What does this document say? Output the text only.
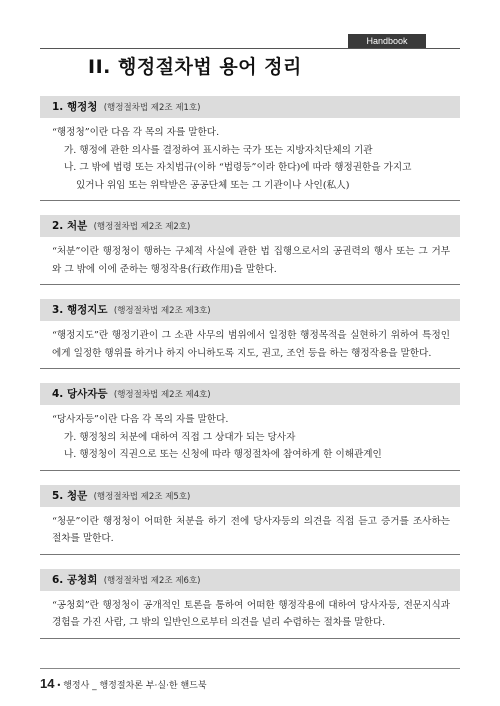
Handbook
II. 행정절차법 용어 정리
1. 행정청 (행정절차법 제2조 제1호)
“행정청”이란 다음 각 목의 자를 말한다.
가. 행정에 관한 의사를 결정하여 표시하는 국가 또는 지방자치단체의 기관
나. 그 밖에 법령 또는 자치법규(이하 “법령등”이라 한다)에 따라 행정권한을 가지고
있거나 위임 또는 위탁받은 공공단체 또는 그 기관이나 사인(私人)
2. 처분 (행정절차법 제2조 제2호)
“처분”이란 행정청이 행하는 구체적 사실에 관한 법 집행으로서의 공권력의 행사 또는 그 거부와 그 밖에 이에 준하는 행정작용(行政作用)을 말한다.
3. 행정지도 (행정절차법 제2조 제3호)
“행정지도”란 행정기관이 그 소관 사무의 범위에서 일정한 행정목적을 실현하기 위하여 특정인에게 일정한 행위를 하거나 하지 아니하도록 지도, 권고, 조언 등을 하는 행정작용을 말한다.
4. 당사자등 (행정절차법 제2조 제4호)
“당사자등”이란 다음 각 목의 자를 말한다.
가. 행정청의 처분에 대하여 직접 그 상대가 되는 당사자
나. 행정청이 직권으로 또는 신청에 따라 행정절차에 참여하게 한 이해관계인
5. 청문 (행정절차법 제2조 제5호)
“청문”이란 행정청이 어떠한 처분을 하기 전에 당사자등의 의견을 직접 듣고 증거를 조사하는 절차를 말한다.
6. 공청회 (행정절차법 제2조 제6호)
“공청회”란 행정청이 공개적인 토론을 통하여 어떠한 행정작용에 대하여 당사자등, 전문지식과 경험을 가진 사람, 그 밖의 일반인으로부터 의견을 널리 수렴하는 절차를 말한다.
14 • 행정사 _ 행정절차론 부·실·한 핸드북
